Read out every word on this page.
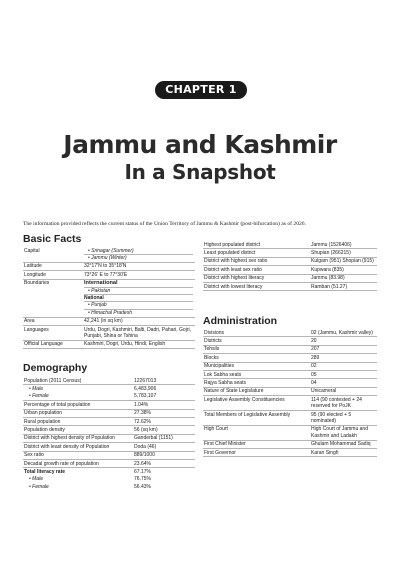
CHAPTER 1
Jammu and Kashmir
In a Snapshot
The information provided reflects the current status of the Union Territory of Jammu & Kashmir (post-bifurcation) as of 2026.
Basic Facts
Capital	• Srinagar (Summer)
• Jammu (Winter)

Latitude	32°17'N to 35°18'N
Longitude	73°26' E to 77°30'E
Boundaries	International
• Pakistan
National
• Punjab
• Himachal Pradesh

Area	42,241 (in sq km)
Languages	Urdu, Dogri, Kashmiri, Balti, Dadri, Pahari, Gojri, Punjabi, Shina or Tshina
Official Language	Kashmiri, Dogri, Urdu, Hindi, English
Demography
Population (2011 Census)	12267013
• Male	6,483,906
• Female	5,783,107
Percentage of total population	1.04%
Urban population	27.38%
Rural population	72.62%
Population density	56 (sq km)
District with highest density of Population	Ganderbal (1151)
District with least density of Population	Doda (46)
Sex ratio	889/1000
Decadal growth rate of population	23.64%
Total literacy rate	67.17%
• Male	76.75%
• Female	56.43%
Highest populated district	Jammu (1526406)
Least populated district	Shupian (266215)
District with highest sex ratio	Kulgam (951) Shopian (915)
District with least sex ratio	Kupwara (835)
District with highest literacy	Jammu (83.98)
District with lowest literacy	Ramban (51.27)
Administration
Divisions	02 (Jammu, Kashmir valley)
Districts	20
Tehsils	207
Blocks	289
Municipalities	02
Lok Sabha seats	05
Rajya Sabha seats	04
Nature of State Legislature	Unicameral
Legislative Assembly Constituencies	114 (90 contested + 24 reserved for PoJK
Total Members of Legislative Assembly	95 (90 elected + 5 nominated)
High Court	High Court of Jammu and Kashmir and Ladakh
First Chief Minister	Ghulam Mohammad Sadiq
First Governor	Karan Singh
